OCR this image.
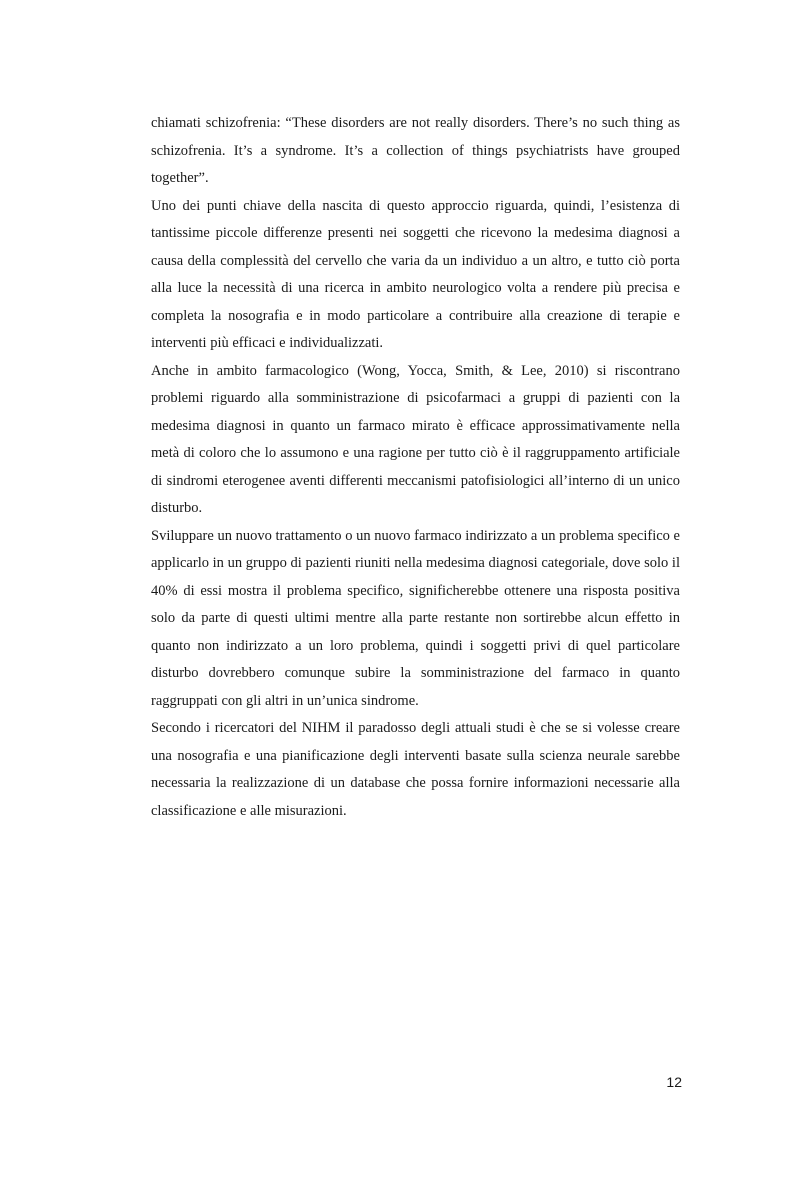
chiamati schizofrenia: “These disorders are not really disorders. There’s no such thing as schizofrenia. It’s a syndrome. It’s a collection of things psychiatrists have grouped together”.

Uno dei punti chiave della nascita di questo approccio riguarda, quindi, l’esistenza di tantissime piccole differenze presenti nei soggetti che ricevono la medesima diagnosi a causa della complessità del cervello che varia da un individuo a un altro, e tutto ciò porta alla luce la necessità di una ricerca in ambito neurologico volta a rendere più precisa e completa la nosografia e in modo particolare a contribuire alla creazione di terapie e interventi più efficaci e individualizzati.

Anche in ambito farmacologico (Wong, Yocca, Smith, & Lee, 2010) si riscontrano problemi riguardo alla somministrazione di psicofarmaci a gruppi di pazienti con la medesima diagnosi in quanto un farmaco mirato è efficace approssimativamente nella metà di coloro che lo assumono e una ragione per tutto ciò è il raggruppamento artificiale di sindromi eterogenee aventi differenti meccanismi patofisiologici all’interno di un unico disturbo.

Sviluppare un nuovo trattamento o un nuovo farmaco indirizzato a un problema specifico e applicarlo in un gruppo di pazienti riuniti nella medesima diagnosi categoriale, dove solo il 40% di essi mostra il problema specifico, significherebbe ottenere una risposta positiva solo da parte di questi ultimi mentre alla parte restante non sortirebbe alcun effetto in quanto non indirizzato a un loro problema, quindi i soggetti privi di quel particolare disturbo dovrebbero comunque subire la somministrazione del farmaco in quanto raggruppati con gli altri in un’unica sindrome.

Secondo i ricercatori del NIHM il paradosso degli attuali studi è che se si volesse creare una nosografia e una pianificazione degli interventi basate sulla scienza neurale sarebbe necessaria la realizzazione di un database che possa fornire informazioni necessarie alla classificazione e alle misurazioni.

12
